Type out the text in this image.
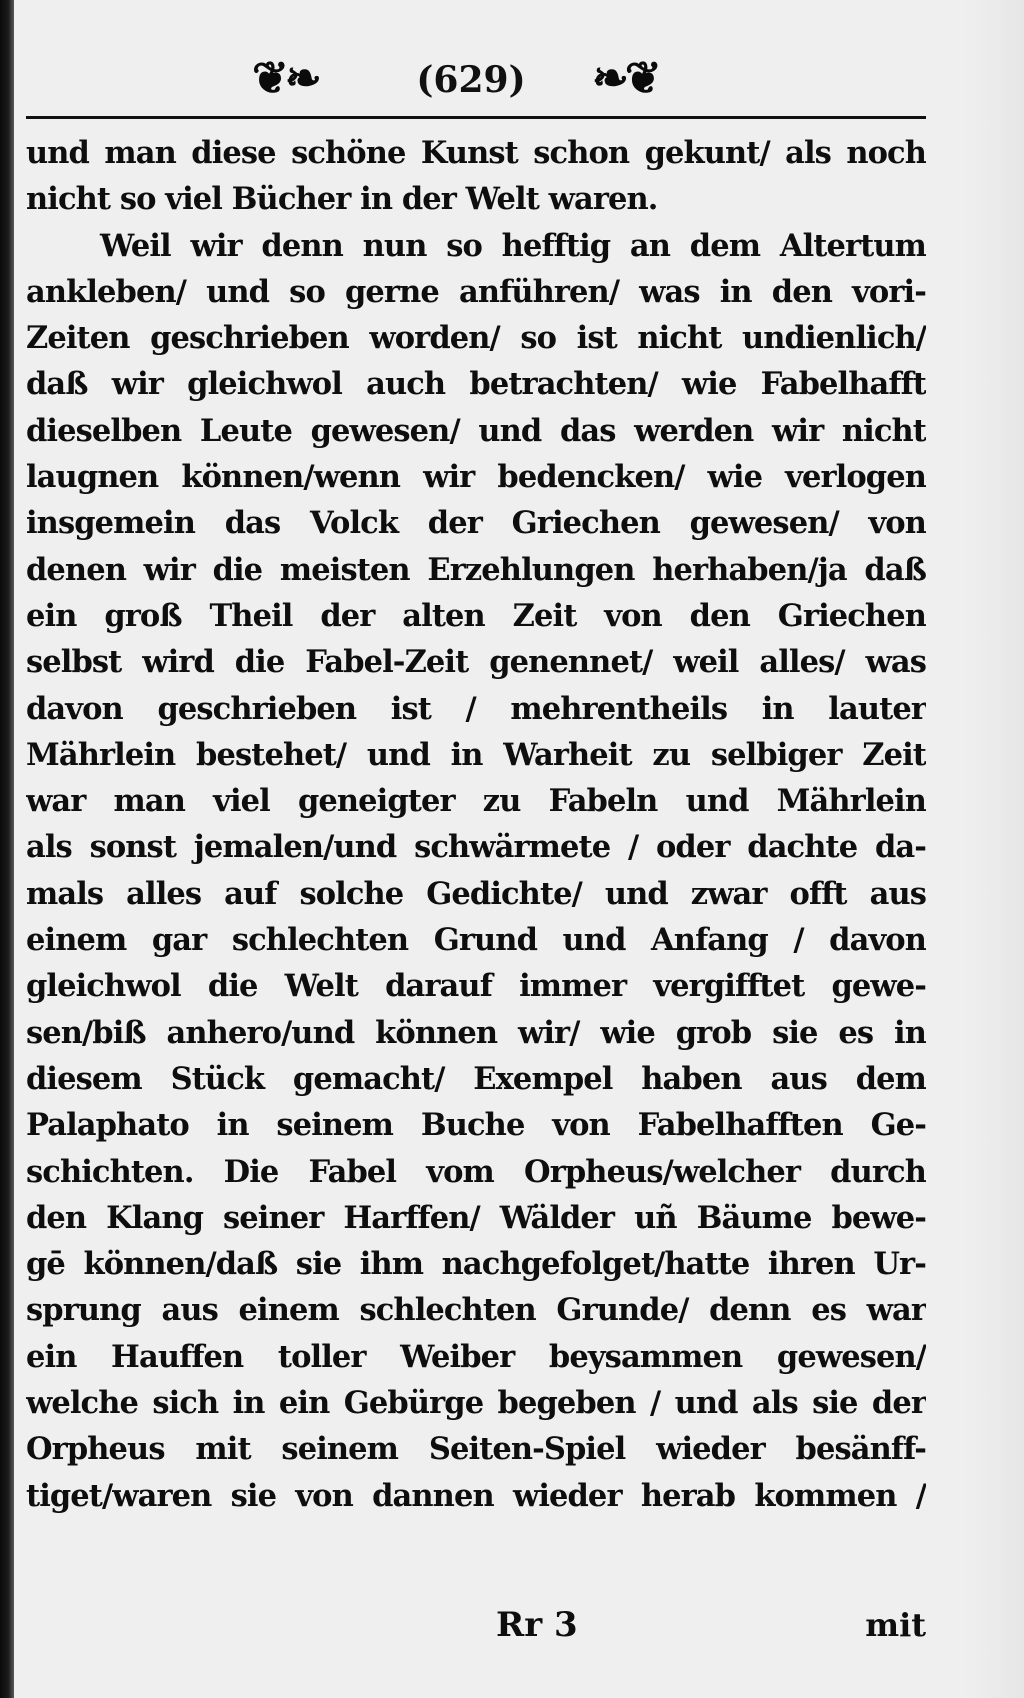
❦❧	(629) ❧❦
und man diese schöne Kunst schon gekunt/ als noch
nicht so viel Bücher in der Welt waren.
Weil wir denn nun so hefftig an dem Altertum
ankleben/ und so gerne anführen/ was in den vori-
Zeiten geschrieben worden/ so ist nicht undienlich/
daß wir gleichwol auch betrachten/ wie Fabelhafft
dieselben Leute gewesen/ und das werden wir nicht
laugnen können/wenn wir bedencken/ wie verlogen
insgemein das Volck der Griechen gewesen/ von
denen wir die meisten Erzehlungen herhaben/ja daß
ein groß Theil der alten Zeit von den Griechen
selbst wird die Fabel-Zeit genennet/ weil alles/ was
davon geschrieben ist / mehrentheils in lauter
Mährlein bestehet/ und in Warheit zu selbiger Zeit
war man viel geneigter zu Fabeln und Mährlein
als sonst jemalen/und schwärmete / oder dachte da-
mals alles auf solche Gedichte/ und zwar offt aus
einem gar schlechten Grund und Anfang / davon
gleichwol die Welt darauf immer vergifftet gewe-
sen/biß anhero/und können wir/ wie grob sie es in
diesem Stück gemacht/ Exempel haben aus dem
Palaphato in seinem Buche von Fabelhafften Ge-
schichten. Die Fabel vom Orpheus/welcher durch
den Klang seiner Harffen/ Wälder uñ Bäume bewe-
gē können/daß sie ihm nachgefolget/hatte ihren Ur-
sprung aus einem schlechten Grunde/ denn es war
ein Hauffen toller Weiber beysammen gewesen/
welche sich in ein Gebürge begeben / und als sie der
Orpheus mit seinem Seiten-Spiel wieder besänff-
tiget/waren sie von dannen wieder herab kommen /
Rr 3	mit
